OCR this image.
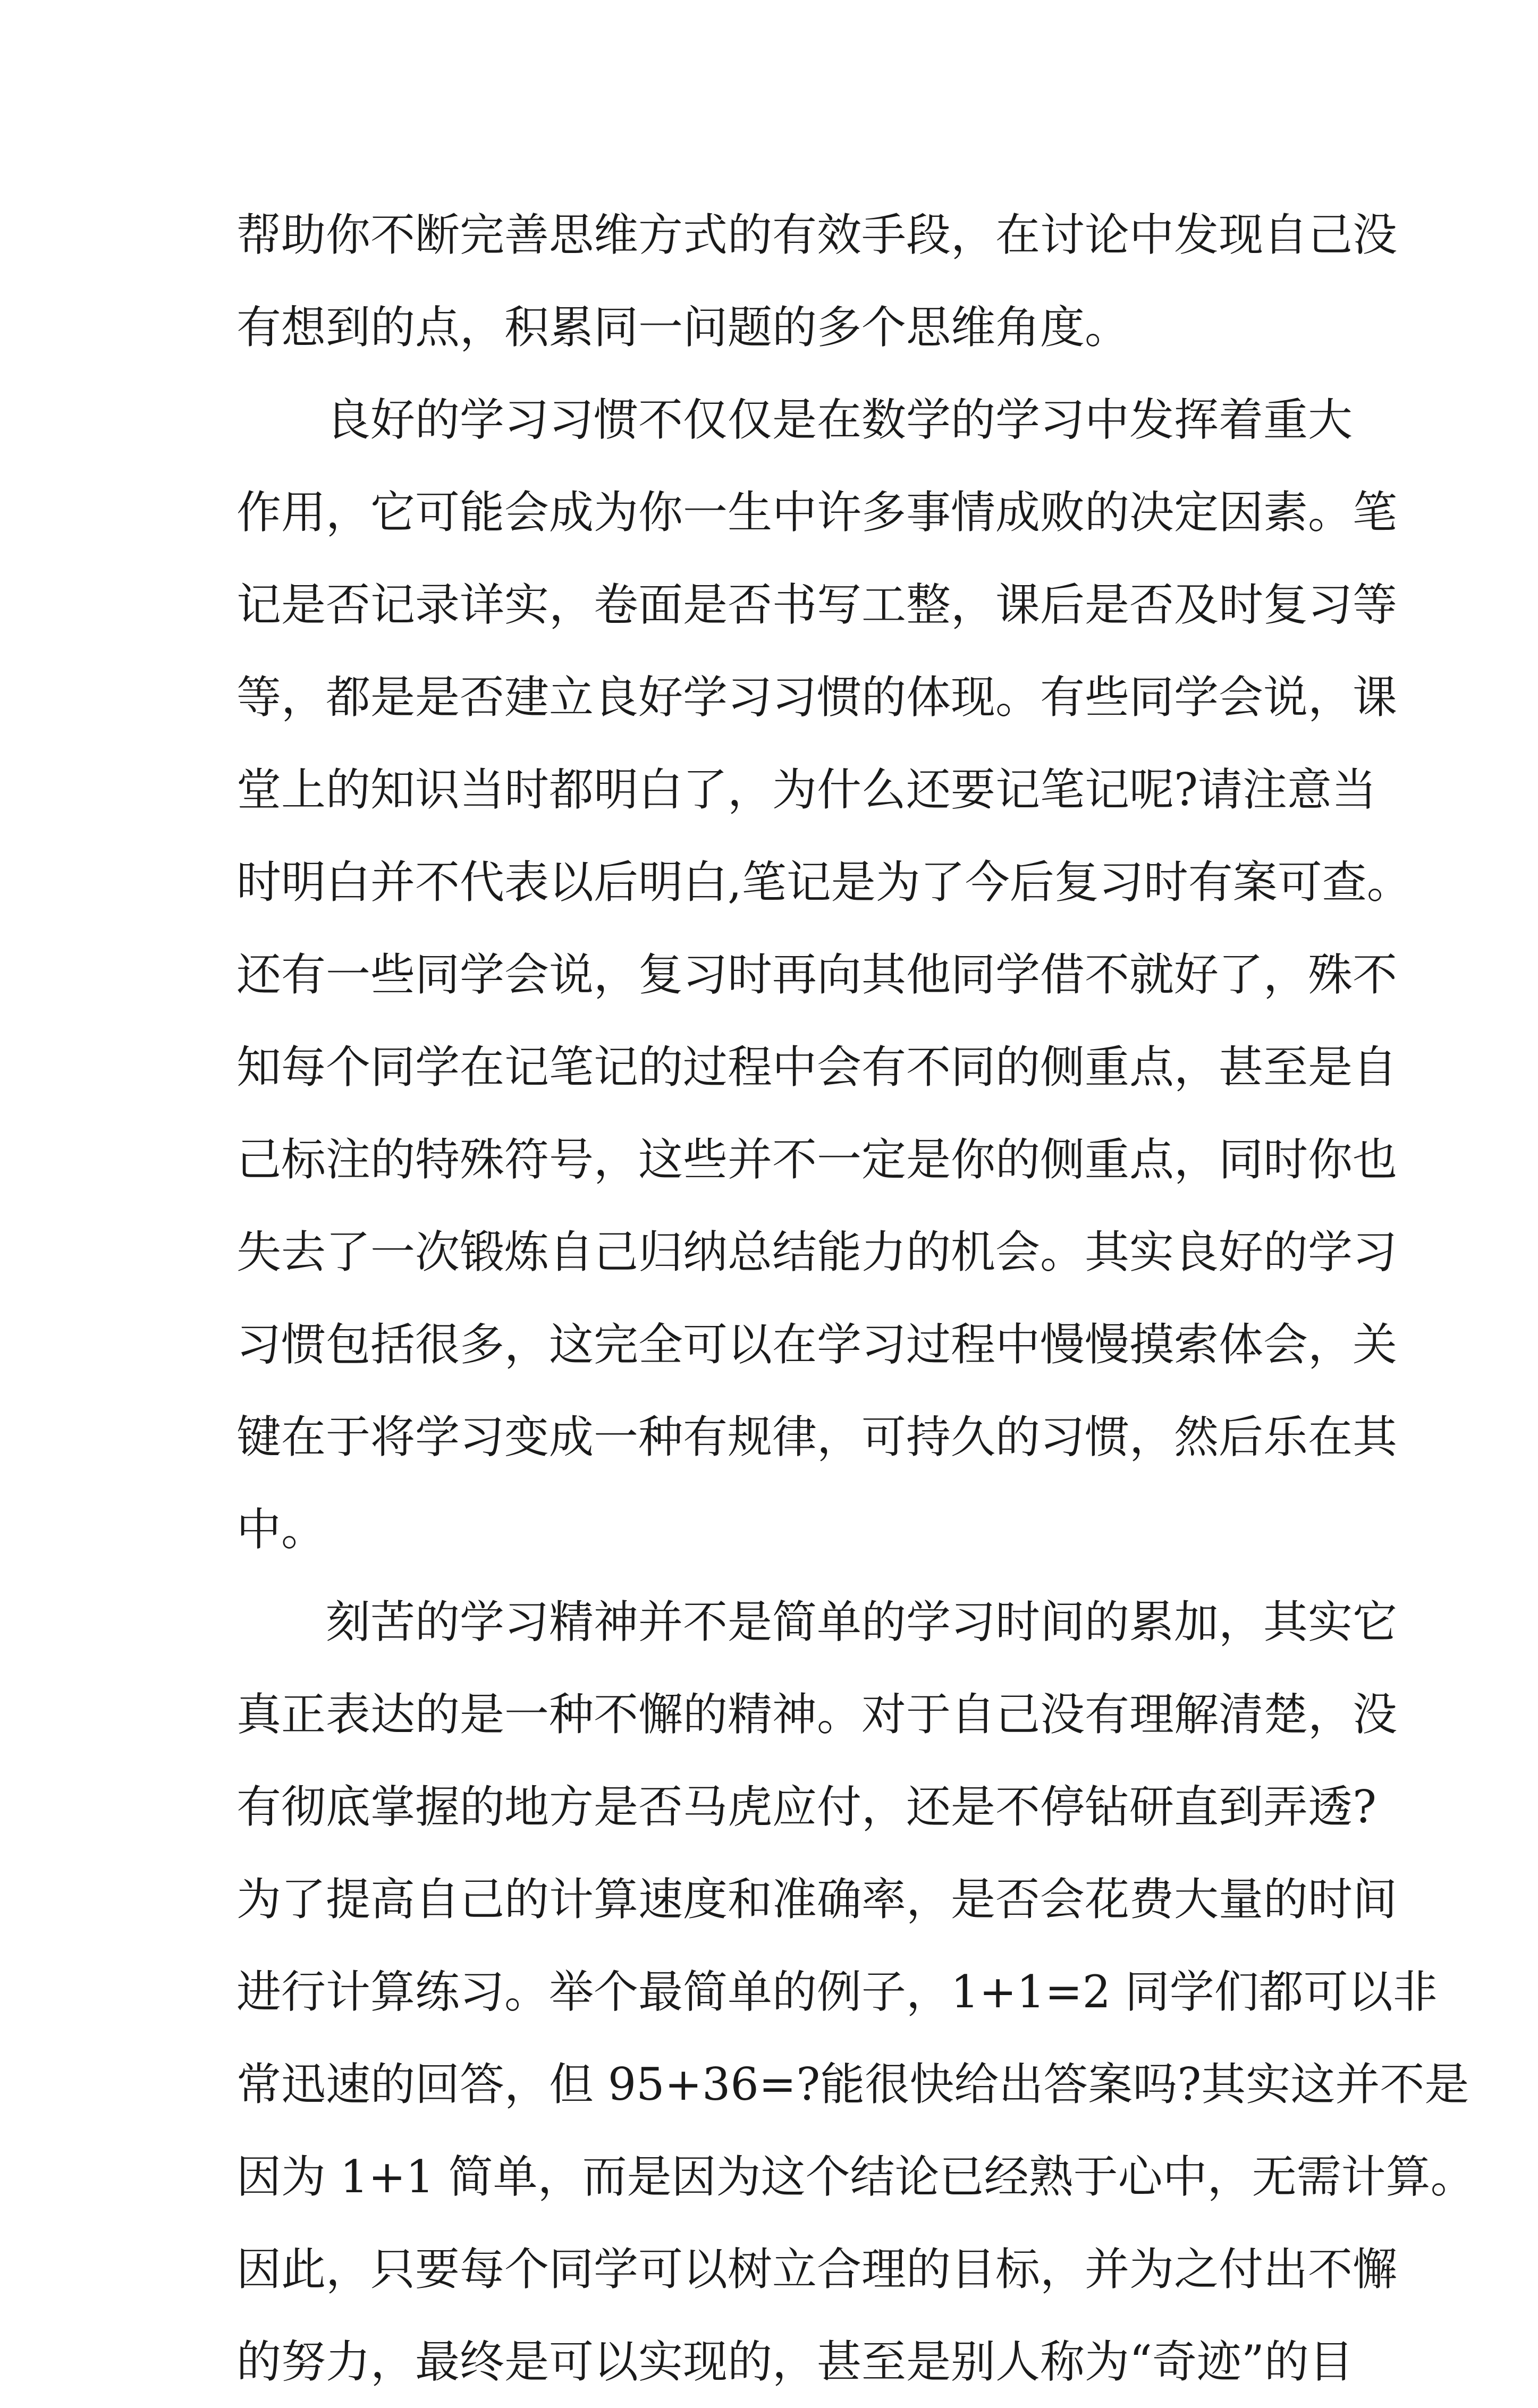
帮助你不断完善思维方式的有效手段，在讨论中发现自己没
有想到的点，积累同一问题的多个思维角度。
良好的学习习惯不仅仅是在数学的学习中发挥着重大
作用，它可能会成为你一生中许多事情成败的决定因素。笔
记是否记录详实，卷面是否书写工整，课后是否及时复习等
等，都是是否建立良好学习习惯的体现。有些同学会说，课
堂上的知识当时都明白了，为什么还要记笔记呢?请注意当
时明白并不代表以后明白,笔记是为了今后复习时有案可查。
还有一些同学会说，复习时再向其他同学借不就好了，殊不
知每个同学在记笔记的过程中会有不同的侧重点，甚至是自
己标注的特殊符号，这些并不一定是你的侧重点，同时你也
失去了一次锻炼自己归纳总结能力的机会。其实良好的学习
习惯包括很多，这完全可以在学习过程中慢慢摸索体会，关
键在于将学习变成一种有规律，可持久的习惯，然后乐在其
中。
刻苦的学习精神并不是简单的学习时间的累加，其实它
真正表达的是一种不懈的精神。对于自己没有理解清楚，没
有彻底掌握的地方是否马虎应付，还是不停钻研直到弄透?
为了提高自己的计算速度和准确率，是否会花费大量的时间
进行计算练习。举个最简单的例子，1+1=2 同学们都可以非
常迅速的回答，但 95+36=?能很快给出答案吗?其实这并不是
因为 1+1 简单，而是因为这个结论已经熟于心中，无需计算。
因此，只要每个同学可以树立合理的目标，并为之付出不懈
的努力，最终是可以实现的，甚至是别人称为“奇迹”的目
